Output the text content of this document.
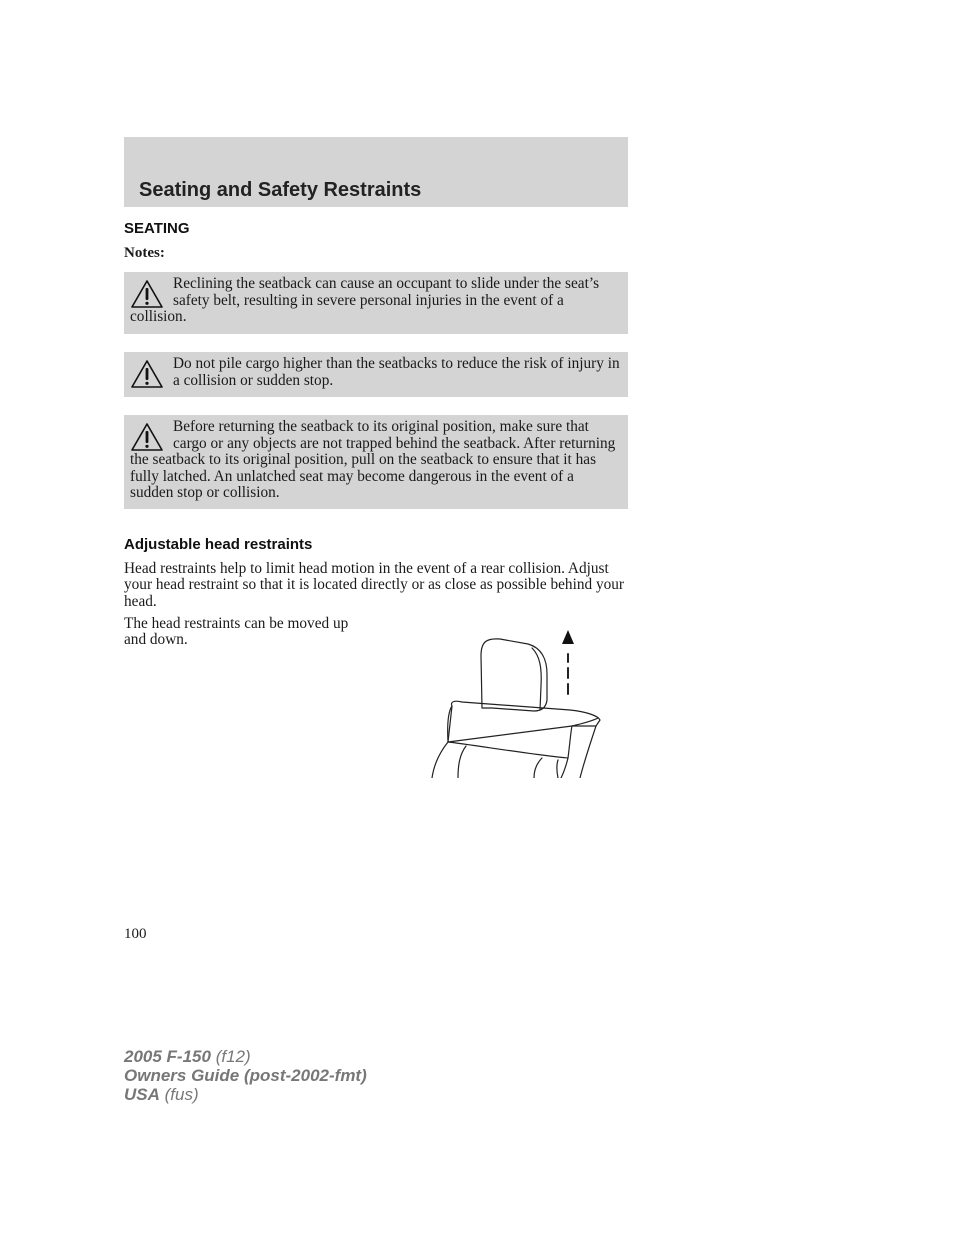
Seating and Safety Restraints
SEATING

Notes:

Reclining the seatback can cause an occupant to slide under the seat’s safety belt, resulting in severe personal injuries in the event of a collision.
Do not pile cargo higher than the seatbacks to reduce the risk of injury in a collision or sudden stop.
Before returning the seatback to its original position, make sure that cargo or any objects are not trapped behind the seatback. After returning the seatback to its original position, pull on the seatback to ensure that it has fully latched. An unlatched seat may become dangerous in the event of a sudden stop or collision.
Adjustable head restraints

Head restraints help to limit head motion in the event of a rear collision. Adjust your head restraint so that it is located directly or as close as possible behind your head.

The head restraints can be moved up and down.

100

2005 F-150 (f12)
Owners Guide (post-2002-fmt)
USA (fus)
